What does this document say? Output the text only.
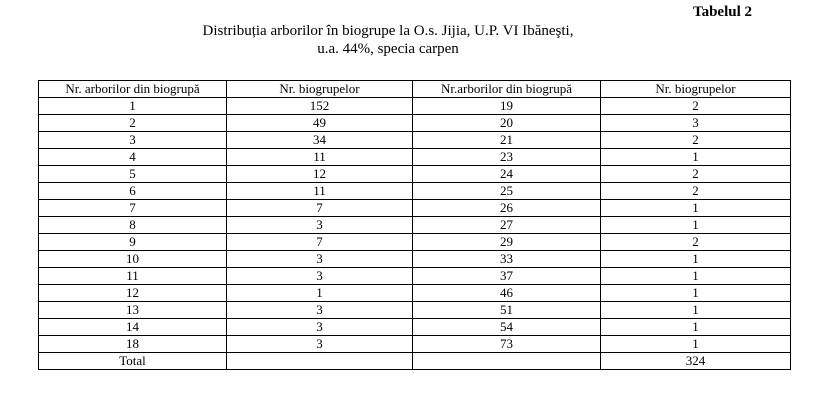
Tabelul 2
Distribuția arborilor în biogrupe la O.s. Jijia, U.P. VI Ibăneşti,
u.a. 44%, specia carpen
Nr. arborilor din biogrupă	Nr. biogrupelor	Nr.arborilor din biogrupă	Nr. biogrupelor
1	152	19	2
2	49	20	3
3	34	21	2
4	11	23	1
5	12	24	2
6	11	25	2
7	7	26	1
8	3	27	1
9	7	29	2
10	3	33	1
11	3	37	1
12	1	46	1
13	3	51	1
14	3	54	1
18	3	73	1
Total			324
